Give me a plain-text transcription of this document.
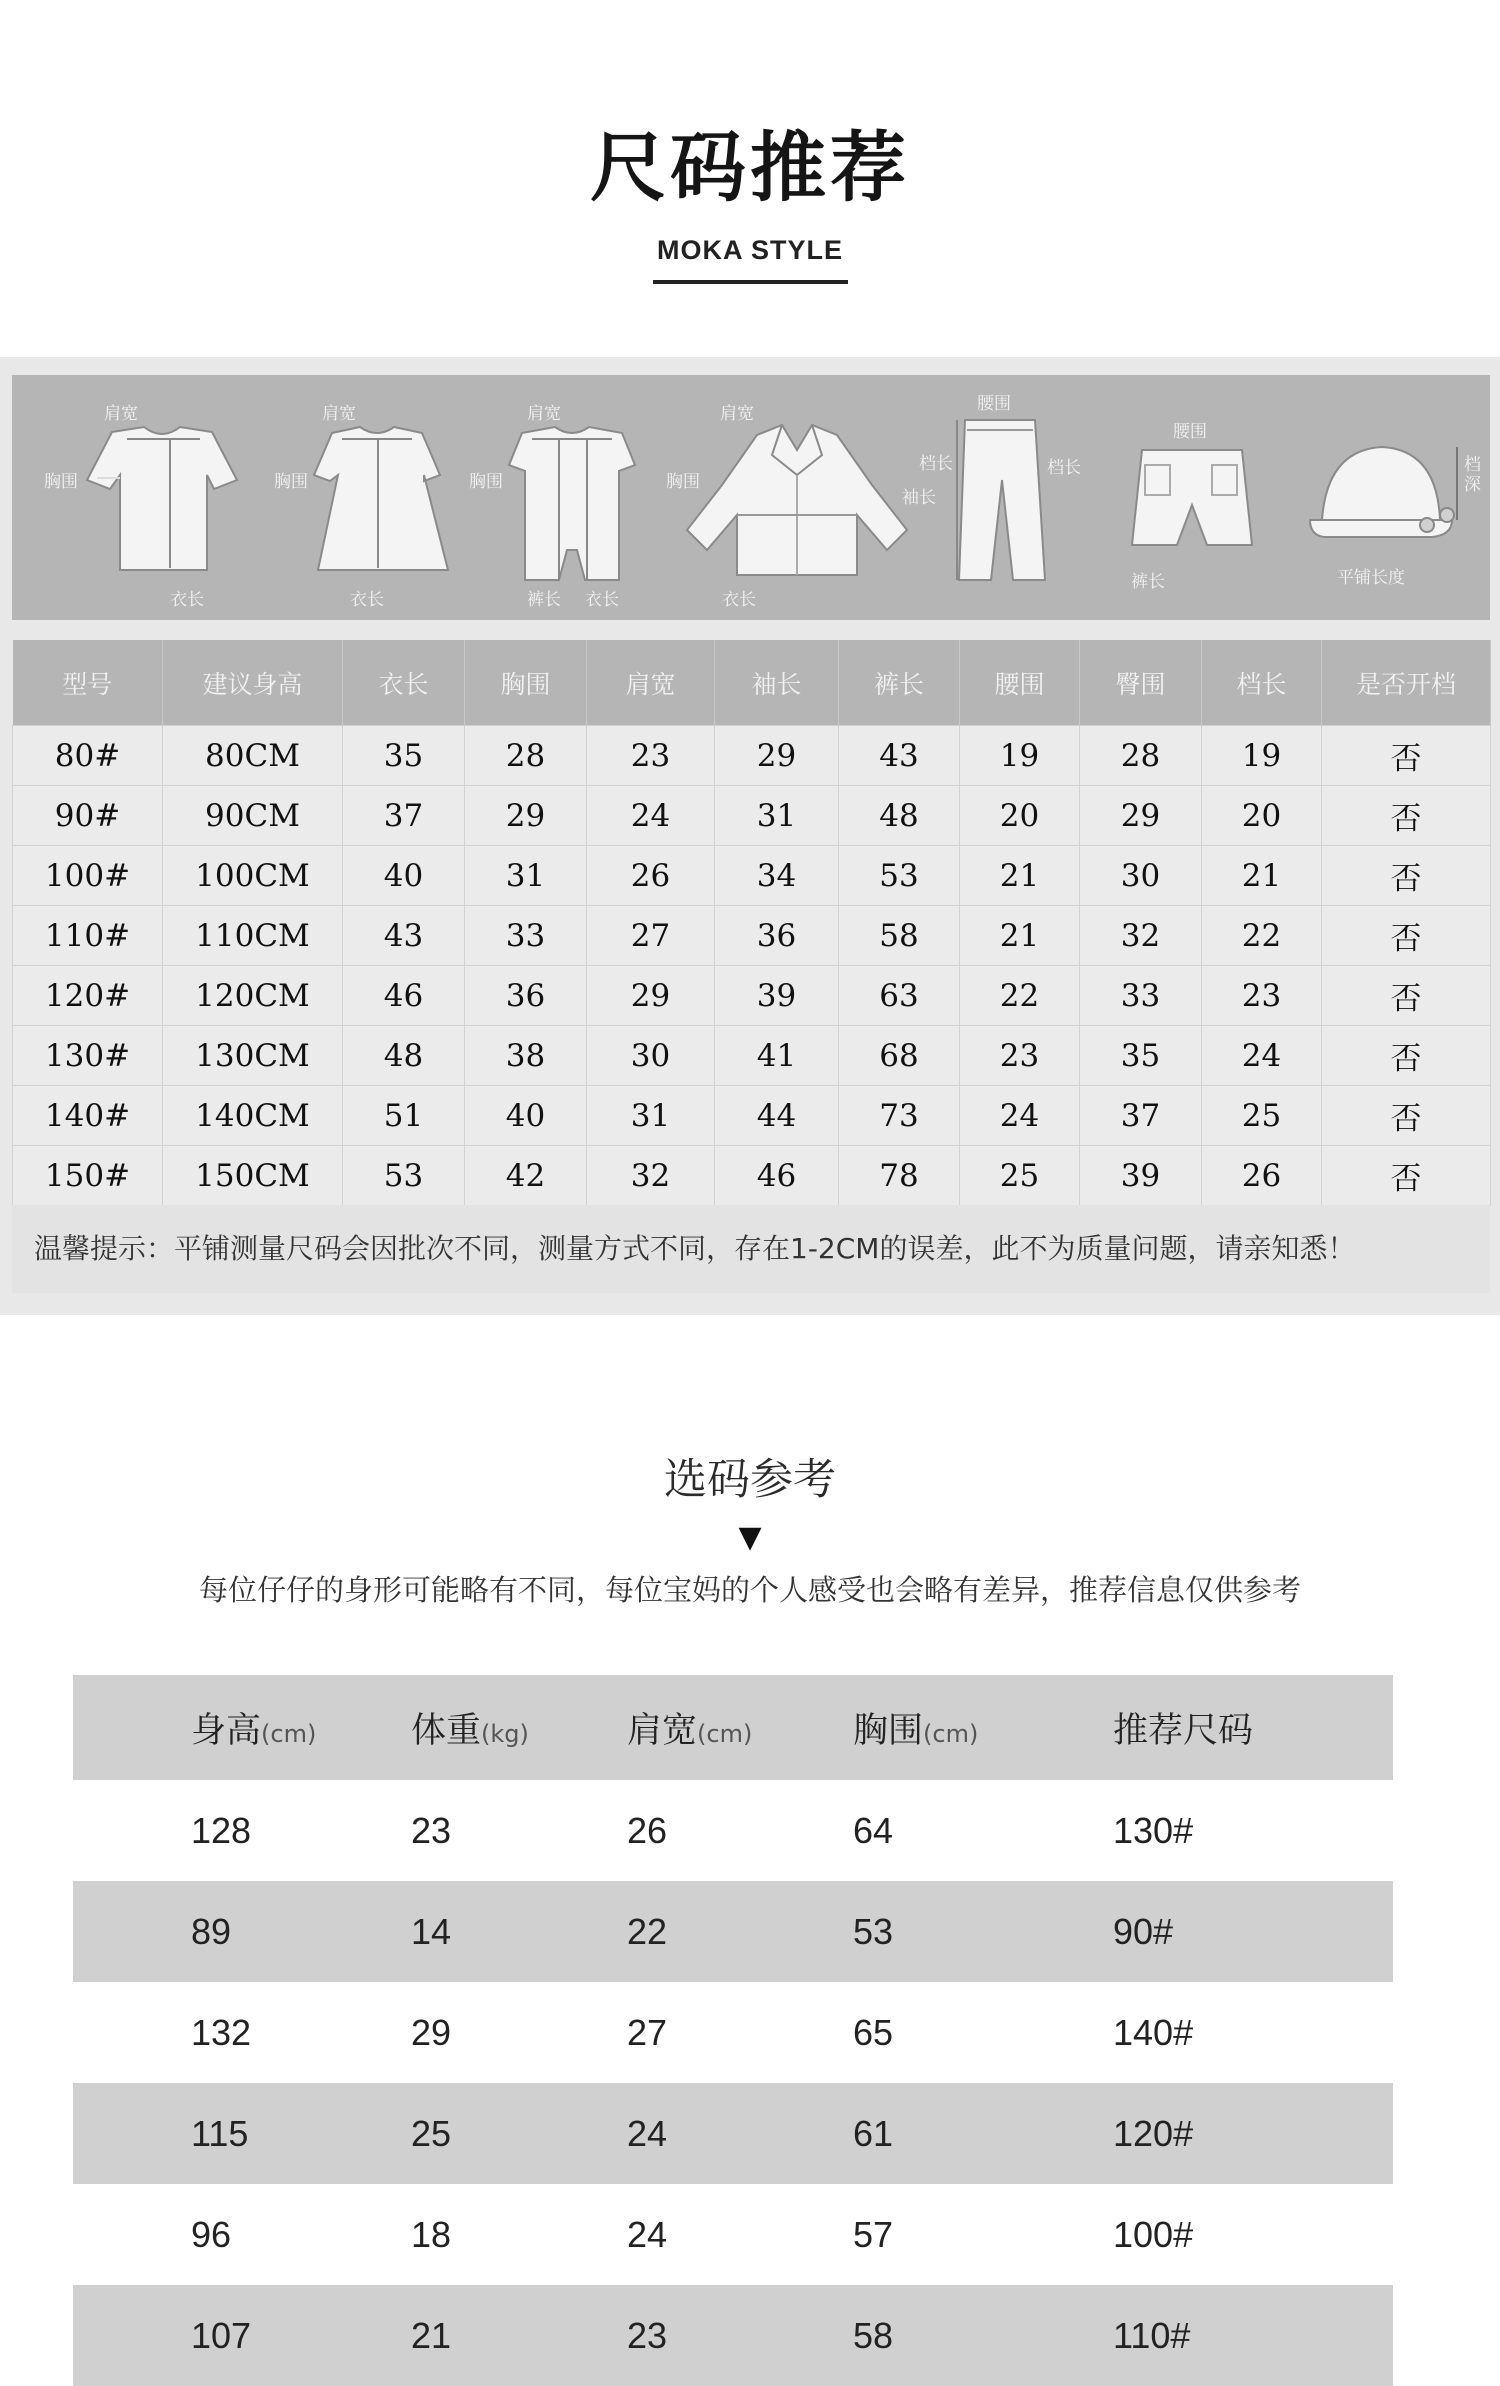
尺码推荐
MOKA STYLE
肩宽
胸围
衣长
肩宽
胸围
衣长
肩宽
胸围
裤长 衣长
肩宽
胸围
衣长
袖长
腰围
档长	档长
腰围
裤长	平铺长度
档深
型号	建议身高	衣长	胸围	肩宽	袖长	裤长	腰围	臀围	档长	是否开档
80#	80CM	35	28	23	29	43	19	28	19	否
90#	90CM	37	29	24	31	48	20	29	20	否
100#	100CM	40	31	26	34	53	21	30	21	否
110#	110CM	43	33	27	36	58	21	32	22	否
120#	120CM	46	36	29	39	63	22	33	23	否
130#	130CM	48	38	30	41	68	23	35	24	否
140#	140CM	51	40	31	44	73	24	37	25	否
150#	150CM	53	42	32	46	78	25	39	26	否
温馨提示：平铺测量尺码会因批次不同，测量方式不同，存在1-2CM的误差，此不为质量问题，请亲知悉！
选码参考
▼
每位仔仔的身形可能略有不同，每位宝妈的个人感受也会略有差异，推荐信息仅供参考
身高(cm)	体重(kg)	肩宽(cm)	胸围(cm)	推荐尺码
128	23	26	64	130#
89	14	22	53	90#
132	29	27	65	140#
115	25	24	61	120#
96	18	24	57	100#
107	21	23	58	110#
